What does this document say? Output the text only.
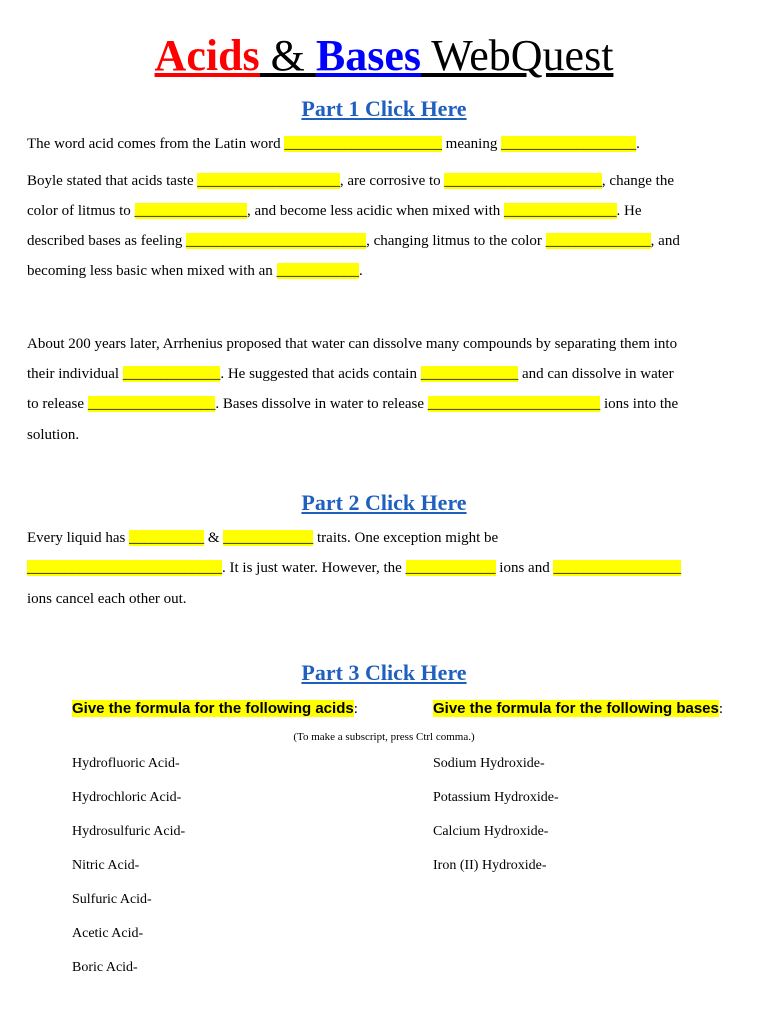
Acids & Bases WebQuest
Part 1 Click Here
The word acid comes from the Latin word _____________________ meaning __________________.
Boyle stated that acids taste ___________________, are corrosive to _____________________, change the
color of litmus to _______________, and become less acidic when mixed with _______________. He
described bases as feeling ________________________, changing litmus to the color ______________, and
becoming less basic when mixed with an ___________.
About 200 years later, Arrhenius proposed that water can dissolve many compounds by separating them into
their individual _____________. He suggested that acids contain _____________ and can dissolve in water
to release _________________. Bases dissolve in water to release _______________________ ions into the
solution.
Part 2 Click Here
Every liquid has __________ & ____________ traits. One exception might be
__________________________. It is just water. However, the ____________ ions and _________________
ions cancel each other out.
Part 3 Click Here
Give the formula for the following acids:	Give the formula for the following bases:
(To make a subscript, press Ctrl comma.)
Hydrofluoric Acid-
Hydrochloric Acid-
Hydrosulfuric Acid-
Nitric Acid-
Sulfuric Acid-
Acetic Acid-
Boric Acid-
Sodium Hydroxide-
Potassium Hydroxide-
Calcium Hydroxide-
Iron (II) Hydroxide-
